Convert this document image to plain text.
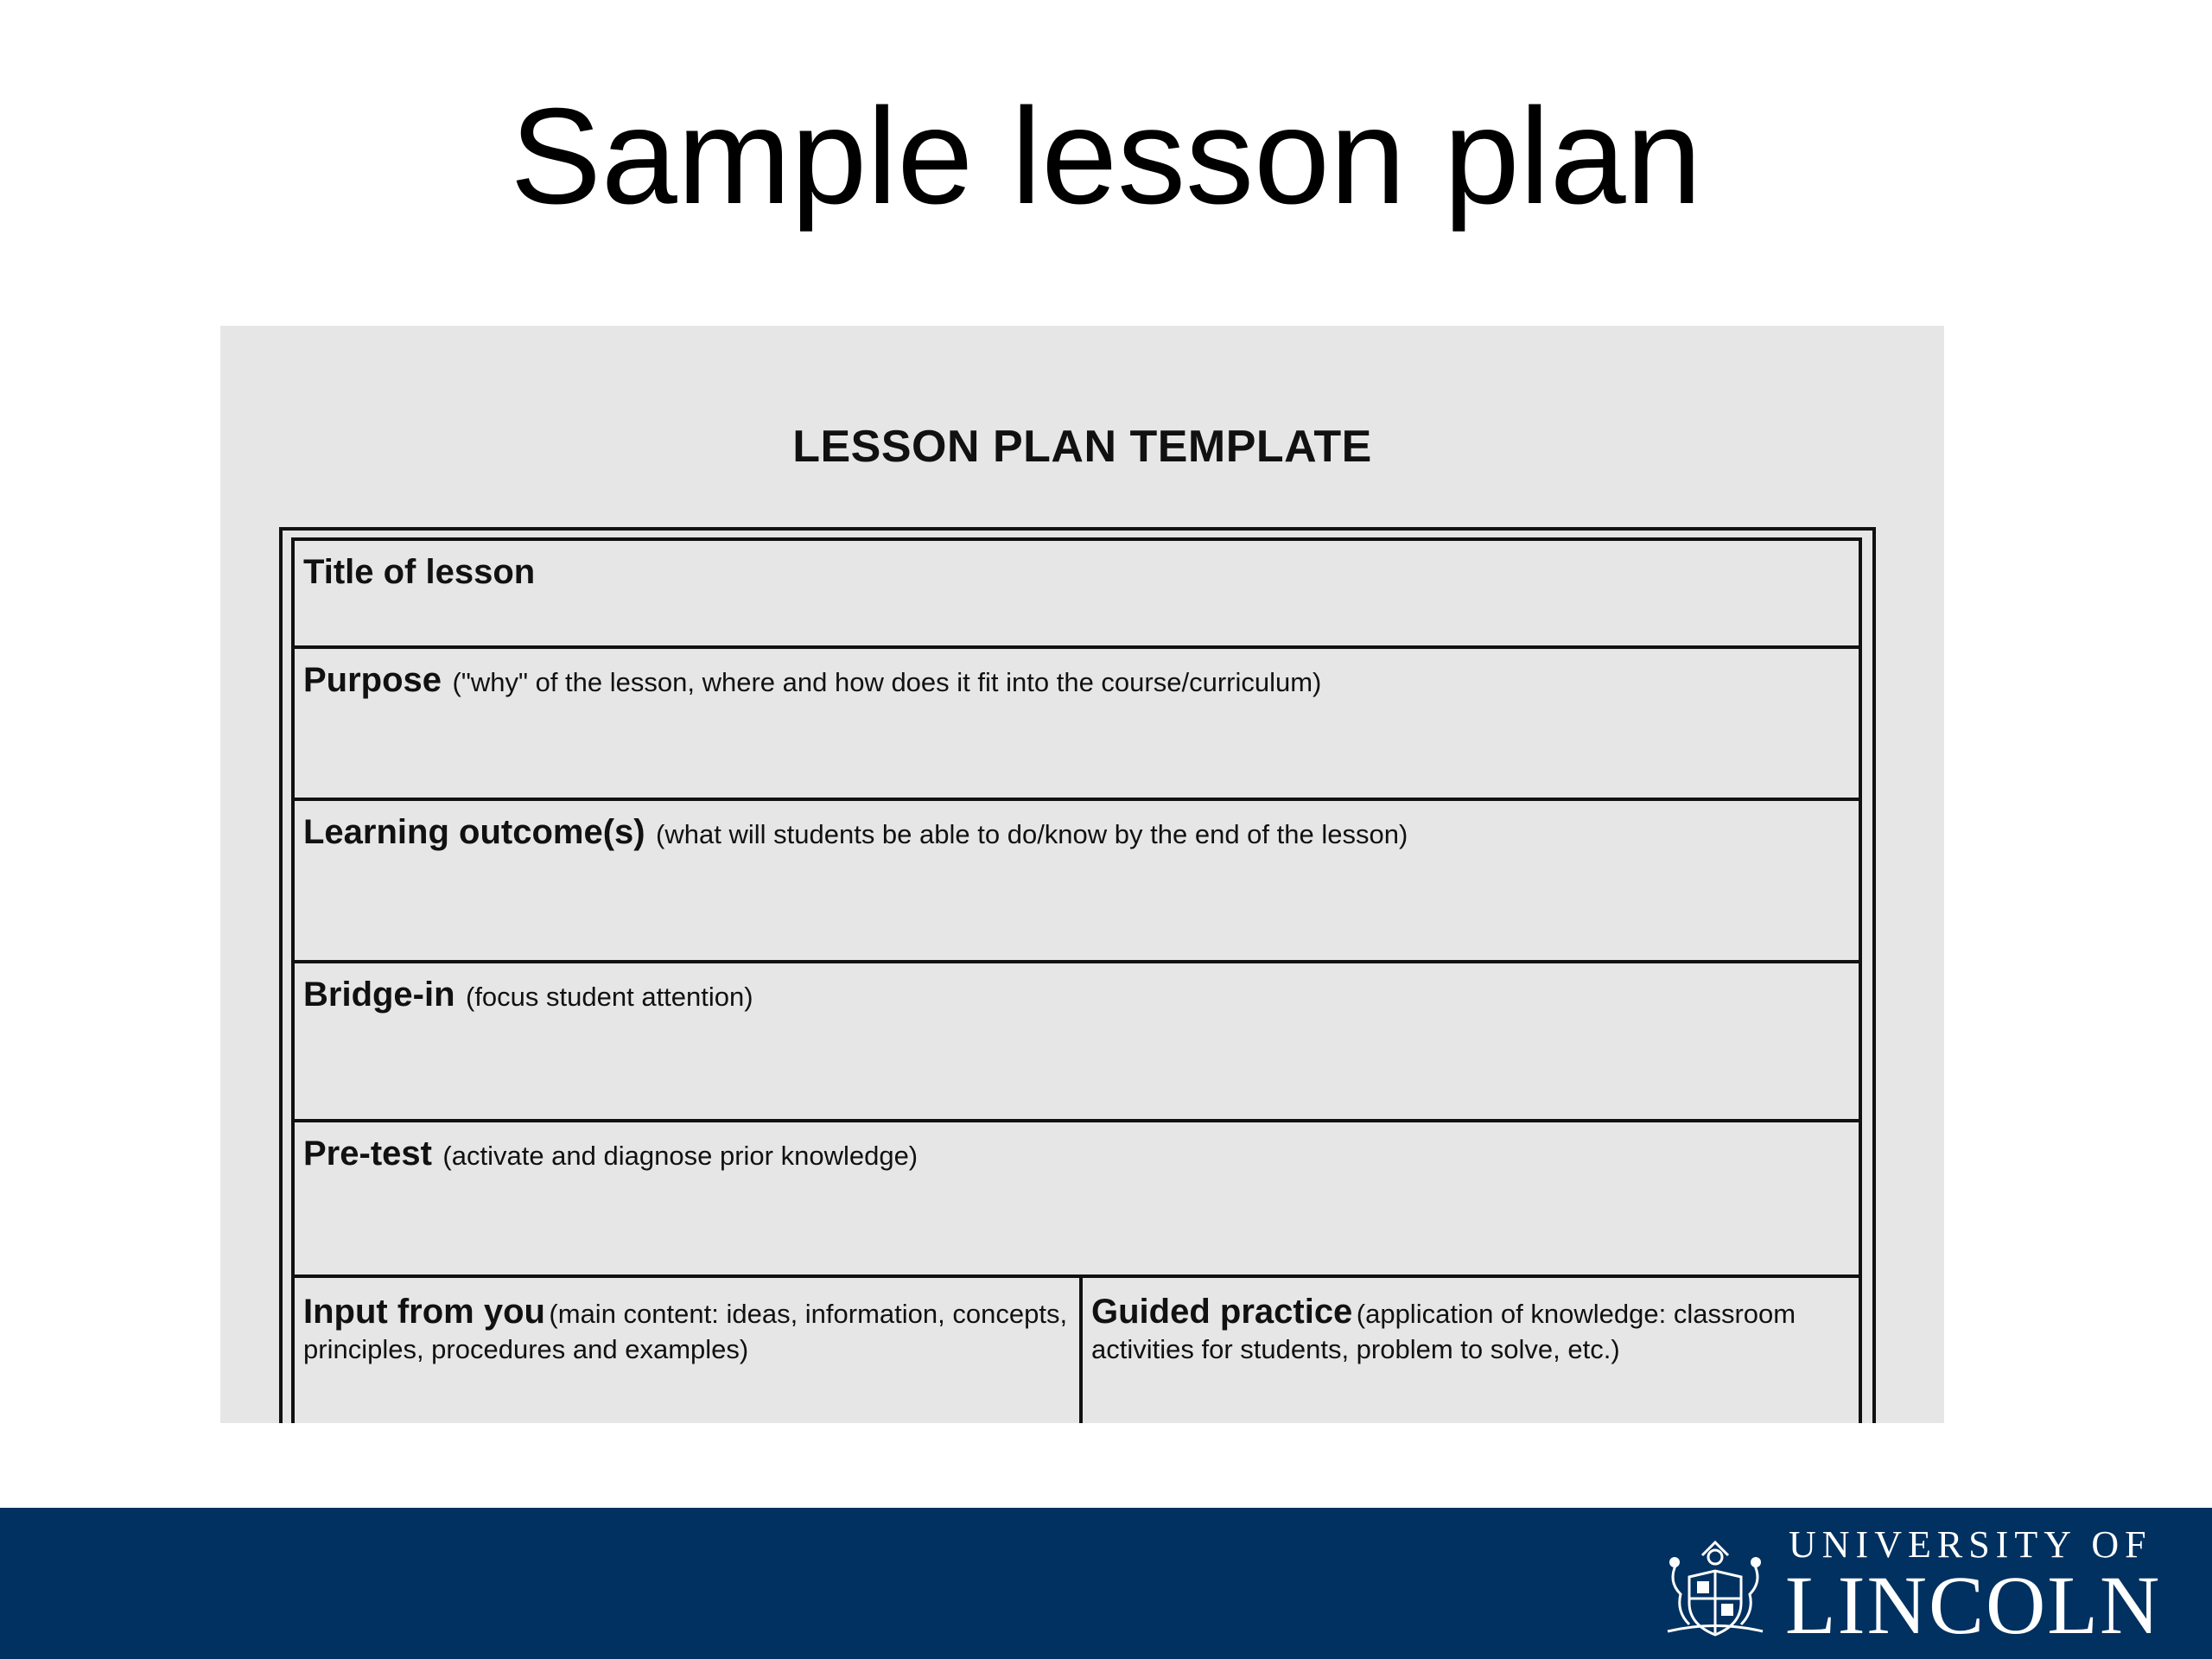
Sample lesson plan
LESSON PLAN TEMPLATE
Title of lesson
Purpose ("why" of the lesson, where and how does it fit into the course/curriculum)
Learning outcome(s) (what will students be able to do/know by the end of the lesson)
Bridge-in (focus student attention)
Pre-test (activate and diagnose prior knowledge)
Input from you (main content: ideas, information, concepts, principles, procedures and examples)
Guided practice (application of knowledge: classroom activities for students, problem to solve, etc.)
UNIVERSITY OF
LINCOLN
